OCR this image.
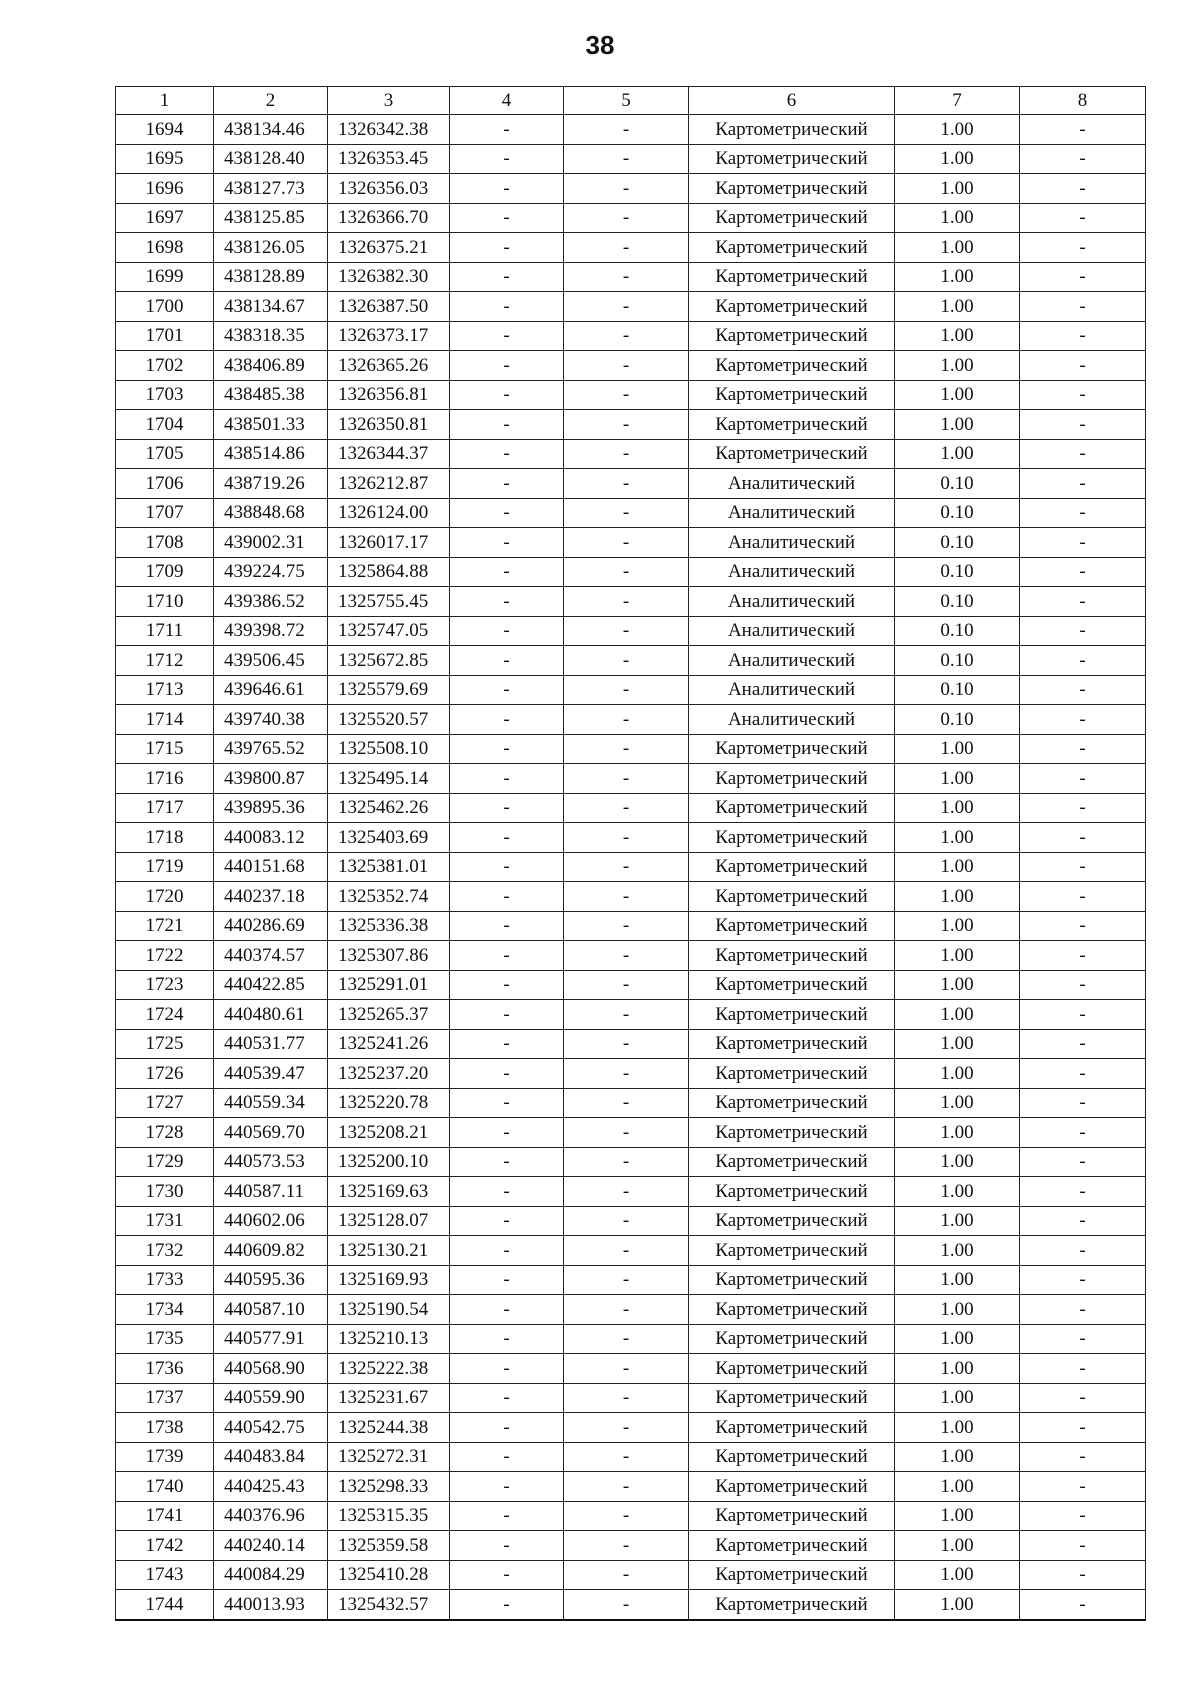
38
1	2	3	4	5	6	7	8
1694	438134.46	1326342.38	-	-	Картометрический	1.00	-
1695	438128.40	1326353.45	-	-	Картометрический	1.00	-
1696	438127.73	1326356.03	-	-	Картометрический	1.00	-
1697	438125.85	1326366.70	-	-	Картометрический	1.00	-
1698	438126.05	1326375.21	-	-	Картометрический	1.00	-
1699	438128.89	1326382.30	-	-	Картометрический	1.00	-
1700	438134.67	1326387.50	-	-	Картометрический	1.00	-
1701	438318.35	1326373.17	-	-	Картометрический	1.00	-
1702	438406.89	1326365.26	-	-	Картометрический	1.00	-
1703	438485.38	1326356.81	-	-	Картометрический	1.00	-
1704	438501.33	1326350.81	-	-	Картометрический	1.00	-
1705	438514.86	1326344.37	-	-	Картометрический	1.00	-
1706	438719.26	1326212.87	-	-	Аналитический	0.10	-
1707	438848.68	1326124.00	-	-	Аналитический	0.10	-
1708	439002.31	1326017.17	-	-	Аналитический	0.10	-
1709	439224.75	1325864.88	-	-	Аналитический	0.10	-
1710	439386.52	1325755.45	-	-	Аналитический	0.10	-
1711	439398.72	1325747.05	-	-	Аналитический	0.10	-
1712	439506.45	1325672.85	-	-	Аналитический	0.10	-
1713	439646.61	1325579.69	-	-	Аналитический	0.10	-
1714	439740.38	1325520.57	-	-	Аналитический	0.10	-
1715	439765.52	1325508.10	-	-	Картометрический	1.00	-
1716	439800.87	1325495.14	-	-	Картометрический	1.00	-
1717	439895.36	1325462.26	-	-	Картометрический	1.00	-
1718	440083.12	1325403.69	-	-	Картометрический	1.00	-
1719	440151.68	1325381.01	-	-	Картометрический	1.00	-
1720	440237.18	1325352.74	-	-	Картометрический	1.00	-
1721	440286.69	1325336.38	-	-	Картометрический	1.00	-
1722	440374.57	1325307.86	-	-	Картометрический	1.00	-
1723	440422.85	1325291.01	-	-	Картометрический	1.00	-
1724	440480.61	1325265.37	-	-	Картометрический	1.00	-
1725	440531.77	1325241.26	-	-	Картометрический	1.00	-
1726	440539.47	1325237.20	-	-	Картометрический	1.00	-
1727	440559.34	1325220.78	-	-	Картометрический	1.00	-
1728	440569.70	1325208.21	-	-	Картометрический	1.00	-
1729	440573.53	1325200.10	-	-	Картометрический	1.00	-
1730	440587.11	1325169.63	-	-	Картометрический	1.00	-
1731	440602.06	1325128.07	-	-	Картометрический	1.00	-
1732	440609.82	1325130.21	-	-	Картометрический	1.00	-
1733	440595.36	1325169.93	-	-	Картометрический	1.00	-
1734	440587.10	1325190.54	-	-	Картометрический	1.00	-
1735	440577.91	1325210.13	-	-	Картометрический	1.00	-
1736	440568.90	1325222.38	-	-	Картометрический	1.00	-
1737	440559.90	1325231.67	-	-	Картометрический	1.00	-
1738	440542.75	1325244.38	-	-	Картометрический	1.00	-
1739	440483.84	1325272.31	-	-	Картометрический	1.00	-
1740	440425.43	1325298.33	-	-	Картометрический	1.00	-
1741	440376.96	1325315.35	-	-	Картометрический	1.00	-
1742	440240.14	1325359.58	-	-	Картометрический	1.00	-
1743	440084.29	1325410.28	-	-	Картометрический	1.00	-
1744	440013.93	1325432.57	-	-	Картометрический	1.00	-
